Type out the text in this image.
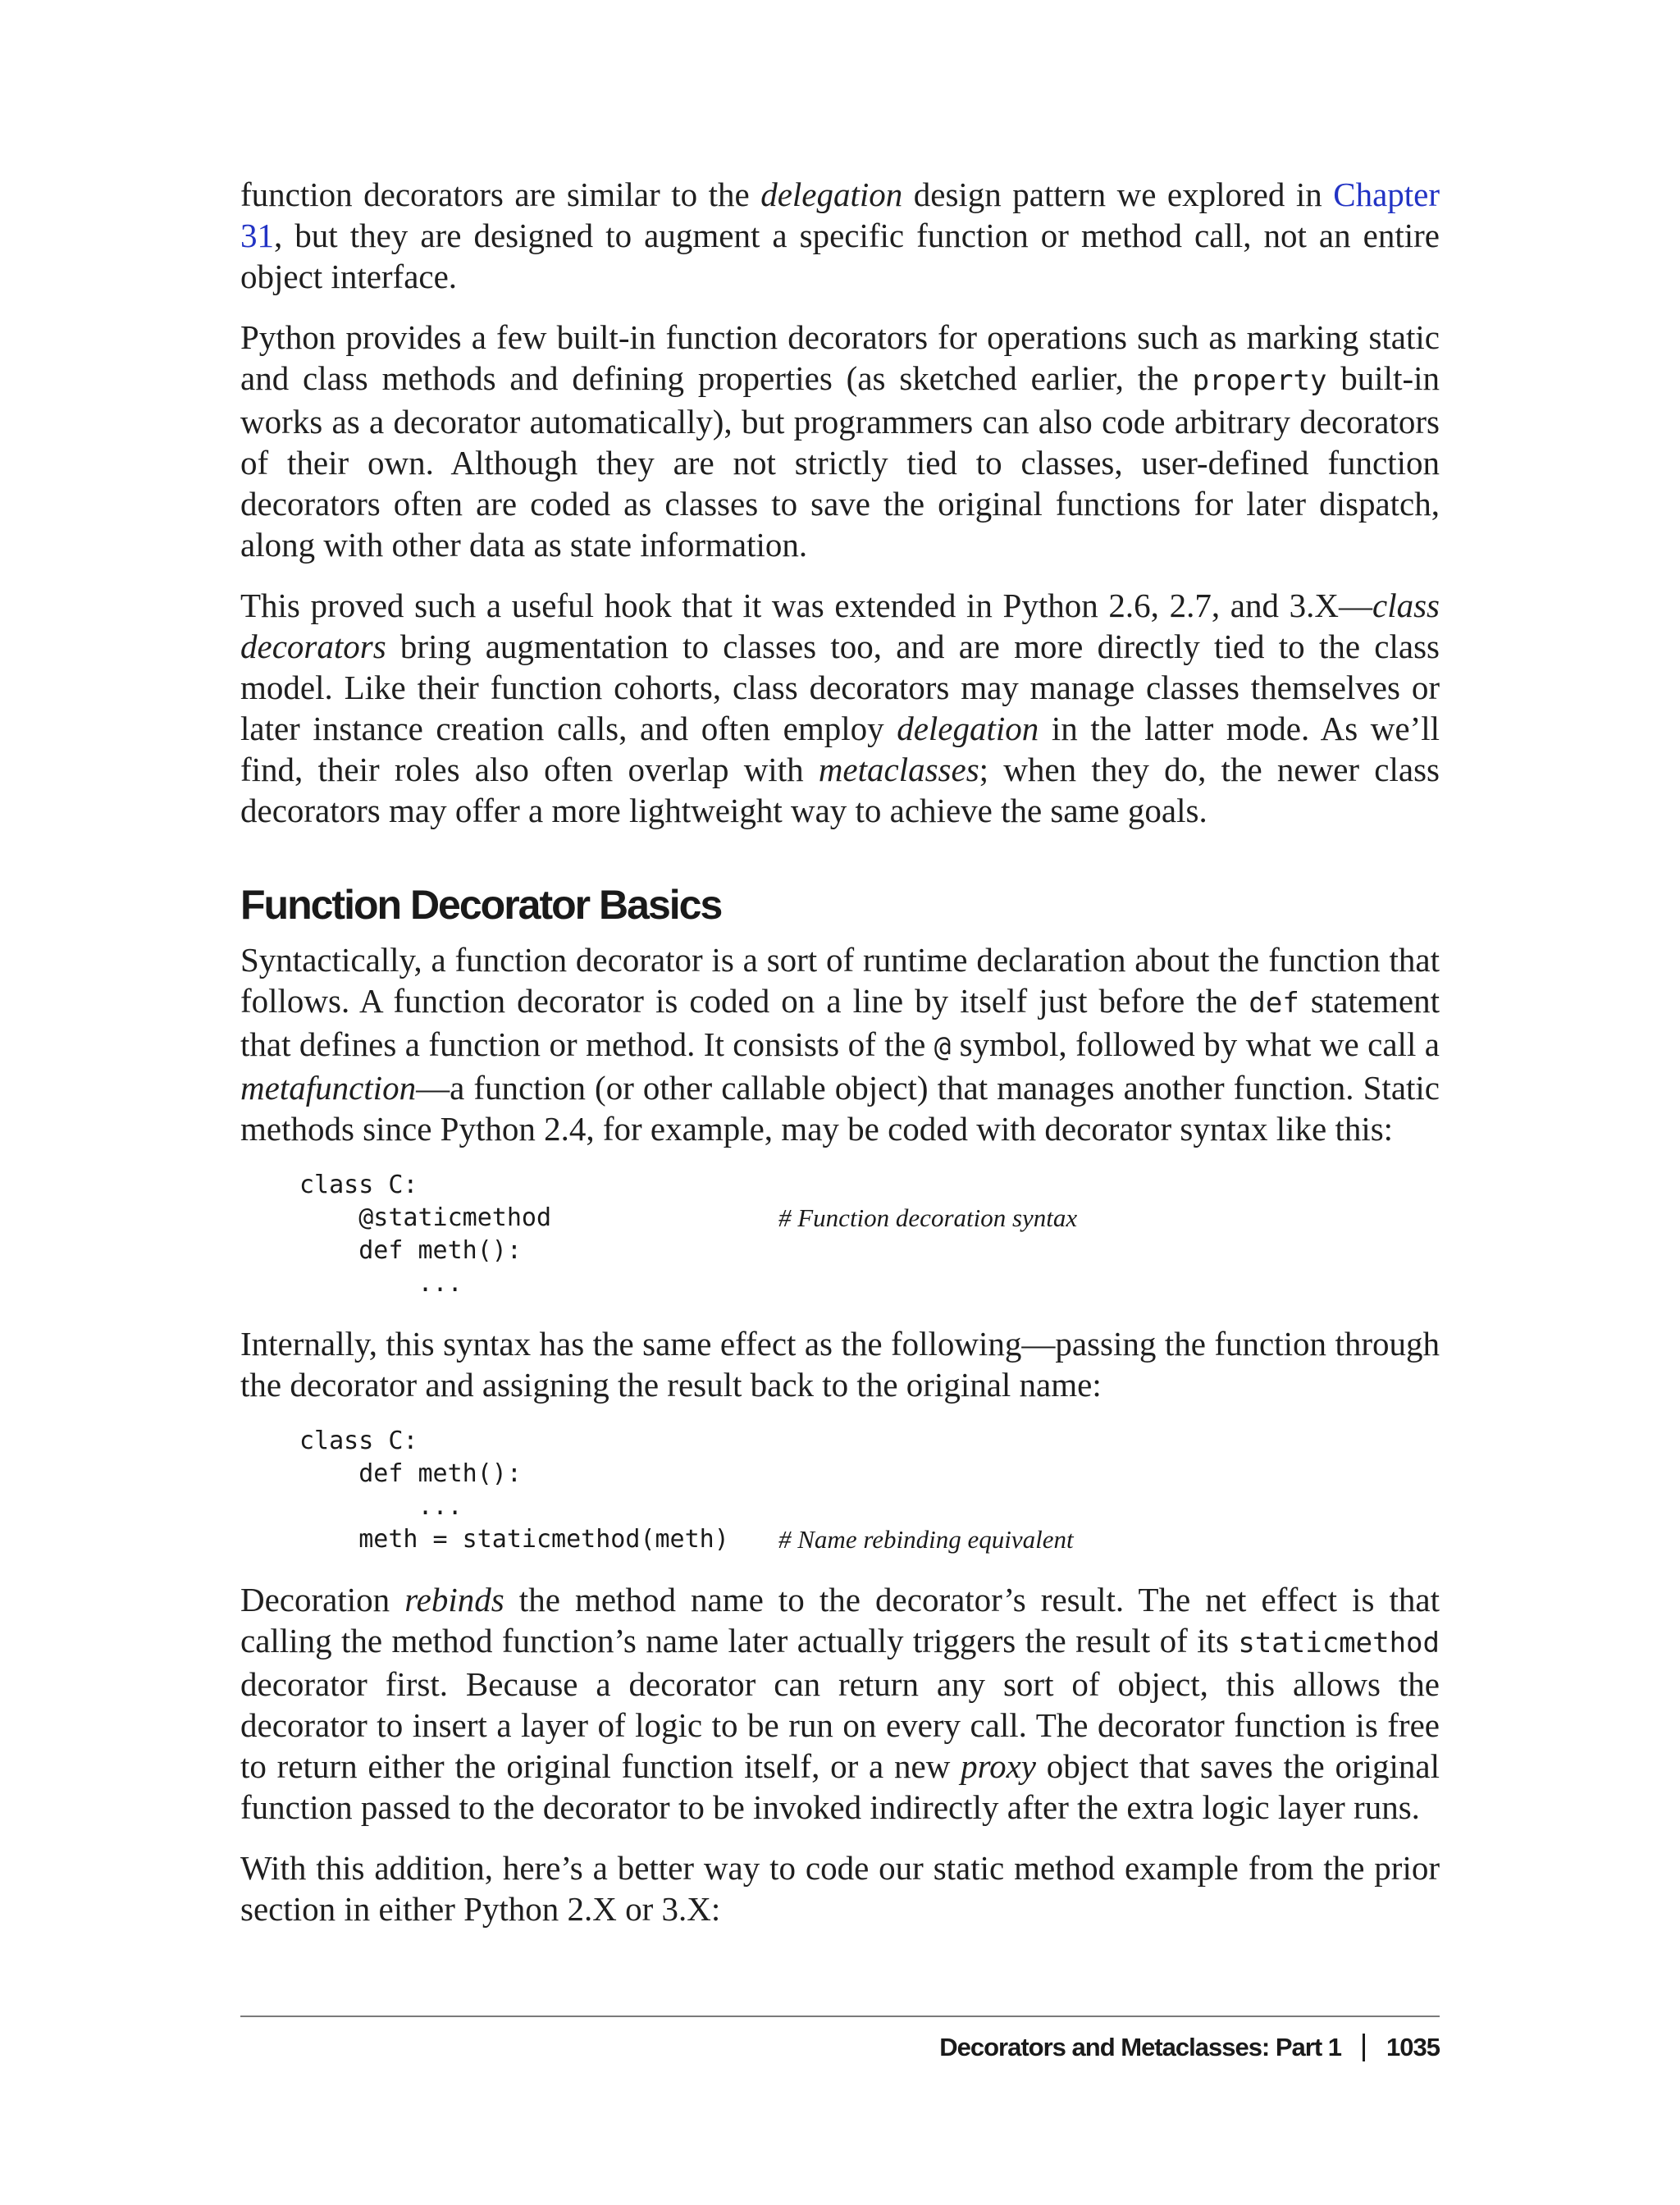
function decorators are similar to the delegation design pattern we explored in Chapter 31, but they are designed to augment a specific function or method call, not an entire object interface.

Python provides a few built-in function decorators for operations such as marking static and class methods and defining properties (as sketched earlier, the property built-in works as a decorator automatically), but programmers can also code arbitrary decorators of their own. Although they are not strictly tied to classes, user-defined function decorators often are coded as classes to save the original functions for later dispatch, along with other data as state information.

This proved such a useful hook that it was extended in Python 2.6, 2.7, and 3.X—class decorators bring augmentation to classes too, and are more directly tied to the class model. Like their function cohorts, class decorators may manage classes themselves or later instance creation calls, and often employ delegation in the latter mode. As we’ll find, their roles also often overlap with metaclasses; when they do, the newer class decorators may offer a more lightweight way to achieve the same goals.

Function Decorator Basics

Syntactically, a function decorator is a sort of runtime declaration about the function that follows. A function decorator is coded on a line by itself just before the def statement that defines a function or method. It consists of the @ symbol, followed by what we call a metafunction—a function (or other callable object) that manages another function. Static methods since Python 2.4, for example, may be coded with decorator syntax like this:

class C:
@staticmethod	# Function decoration syntax
def meth():
...

Internally, this syntax has the same effect as the following—passing the function through the decorator and assigning the result back to the original name:

class C:
def meth():
...
meth = staticmethod(meth)	# Name rebinding equivalent

Decoration rebinds the method name to the decorator’s result. The net effect is that calling the method function’s name later actually triggers the result of its staticmethod decorator first. Because a decorator can return any sort of object, this allows the decorator to insert a layer of logic to be run on every call. The decorator function is free to return either the original function itself, or a new proxy object that saves the original function passed to the decorator to be invoked indirectly after the extra logic layer runs.

With this addition, here’s a better way to code our static method example from the prior section in either Python 2.X or 3.X:

Decorators and Metaclasses: Part 1 1035
